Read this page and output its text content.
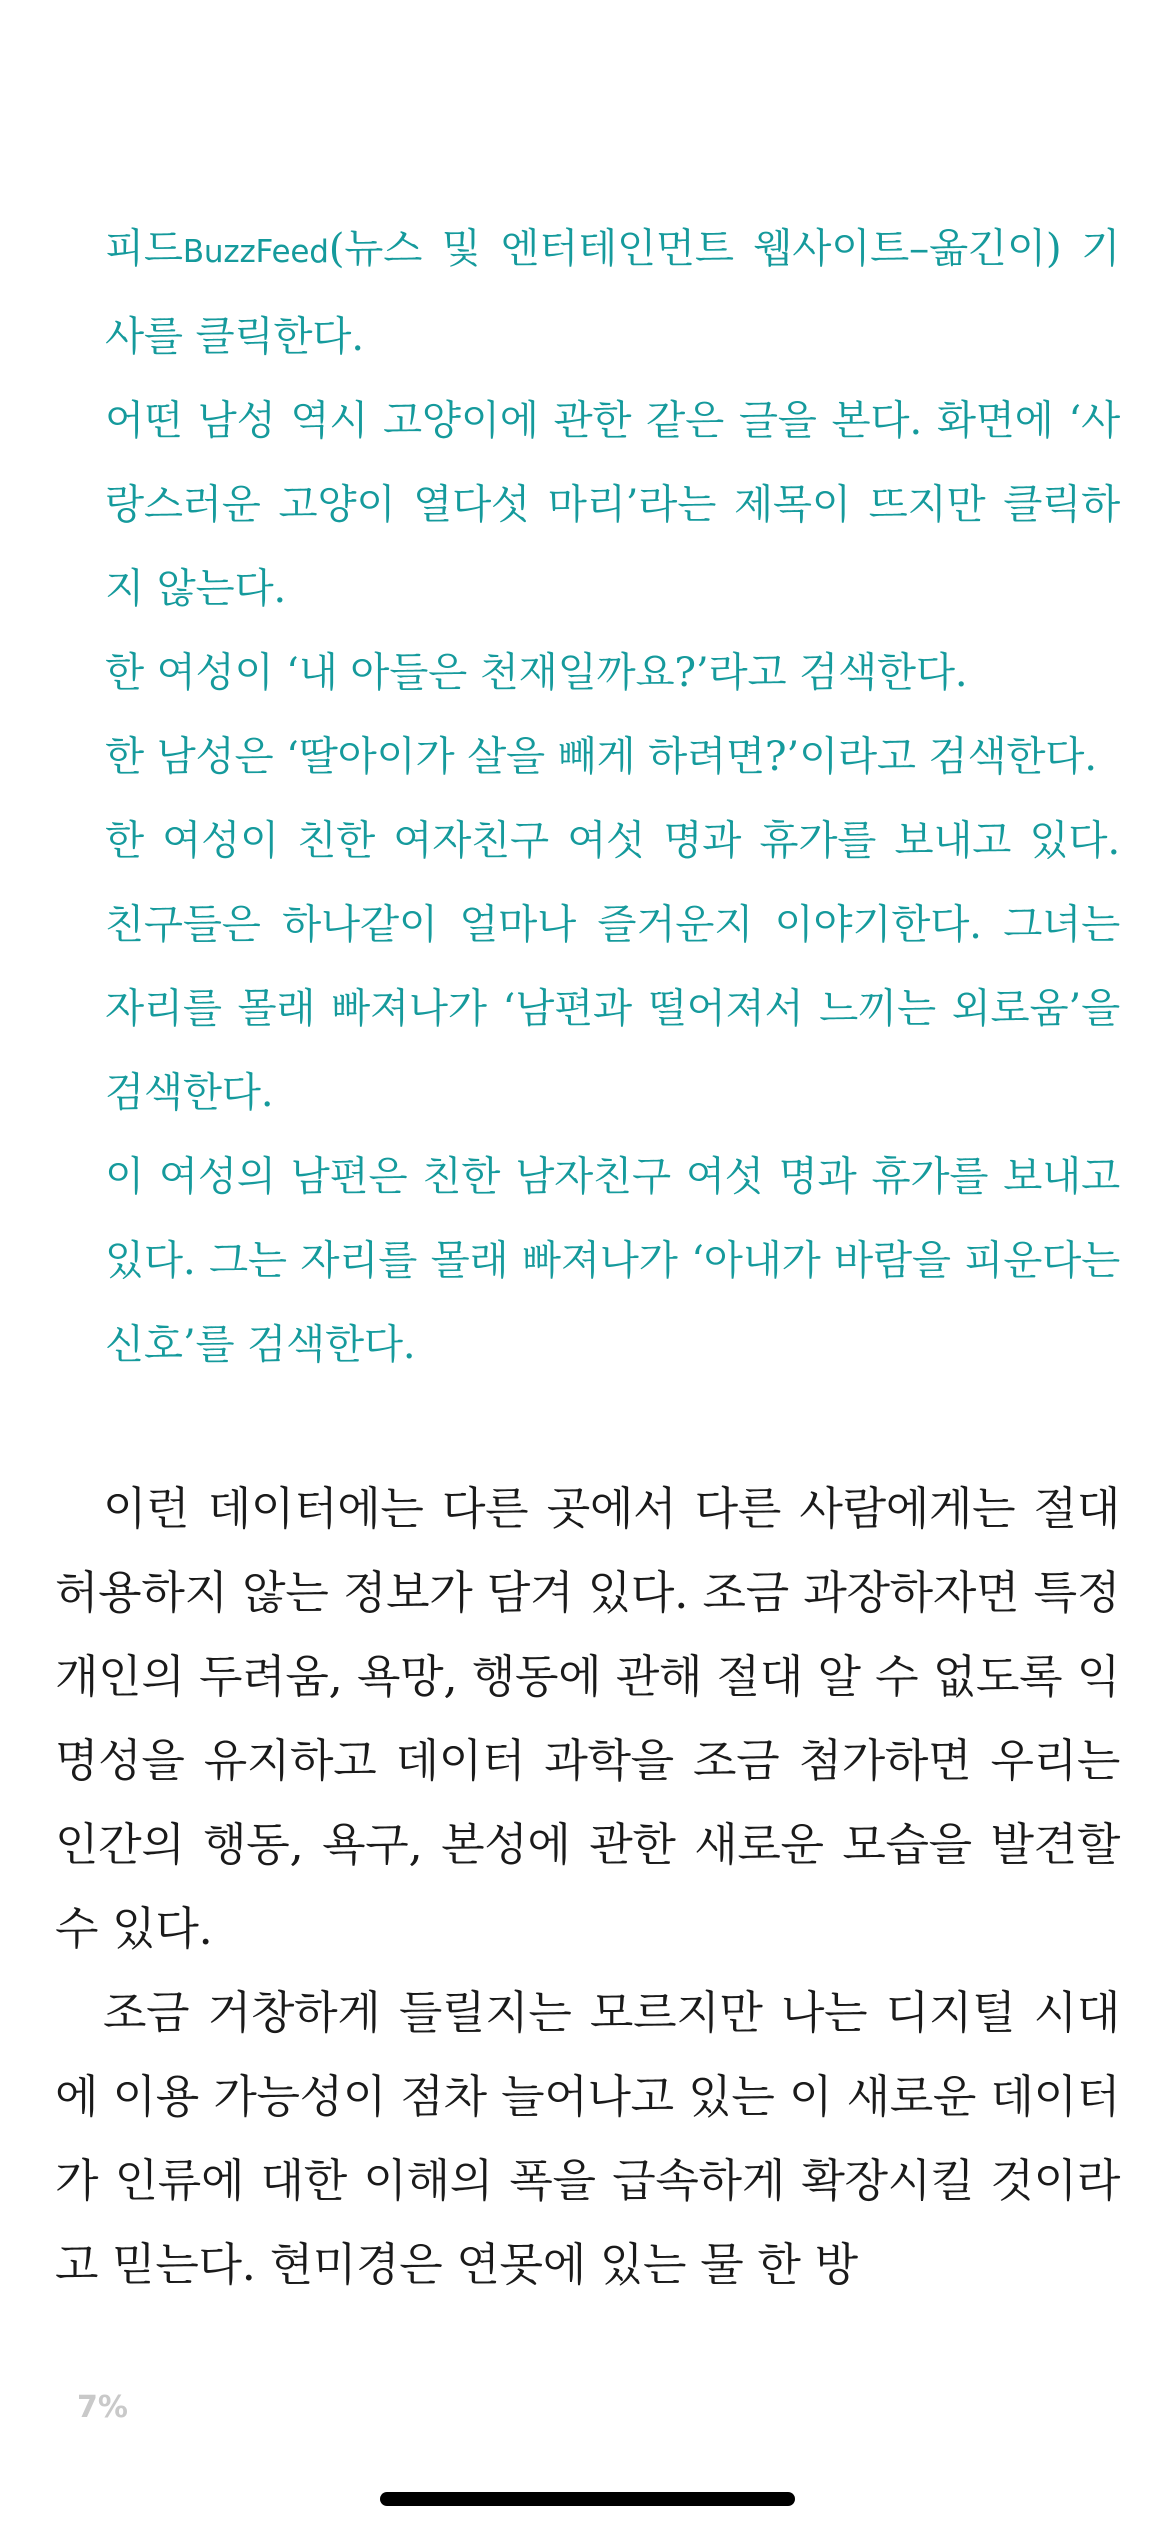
피드BuzzFeed(뉴스 및 엔터테인먼트 웹사이트–옮긴이) 기사를 클릭한다.

어떤 남성 역시 고양이에 관한 같은 글을 본다. 화면에 ‘사랑스러운 고양이 열다섯 마리’라는 제목이 뜨지만 클릭하지 않는다.

한 여성이 ‘내 아들은 천재일까요?’라고 검색한다.

한 남성은 ‘딸아이가 살을 빼게 하려면?’이라고 검색한다.

한 여성이 친한 여자친구 여섯 명과 휴가를 보내고 있다. 친구들은 하나같이 얼마나 즐거운지 이야기한다. 그녀는 자리를 몰래 빠져나가 ‘남편과 떨어져서 느끼는 외로움’을 검색한다.

이 여성의 남편은 친한 남자친구 여섯 명과 휴가를 보내고 있다. 그는 자리를 몰래 빠져나가 ‘아내가 바람을 피운다는 신호’를 검색한다.

이런 데이터에는 다른 곳에서 다른 사람에게는 절대 허용하지 않는 정보가 담겨 있다. 조금 과장하자면 특정 개인의 두려움, 욕망, 행동에 관해 절대 알 수 없도록 익명성을 유지하고 데이터 과학을 조금 첨가하면 우리는 인간의 행동, 욕구, 본성에 관한 새로운 모습을 발견할 수 있다.

조금 거창하게 들릴지는 모르지만 나는 디지털 시대에 이용 가능성이 점차 늘어나고 있는 이 새로운 데이터가 인류에 대한 이해의 폭을 급속하게 확장시킬 것이라고 믿는다. 현미경은 연못에 있는 물 한 방

7%
